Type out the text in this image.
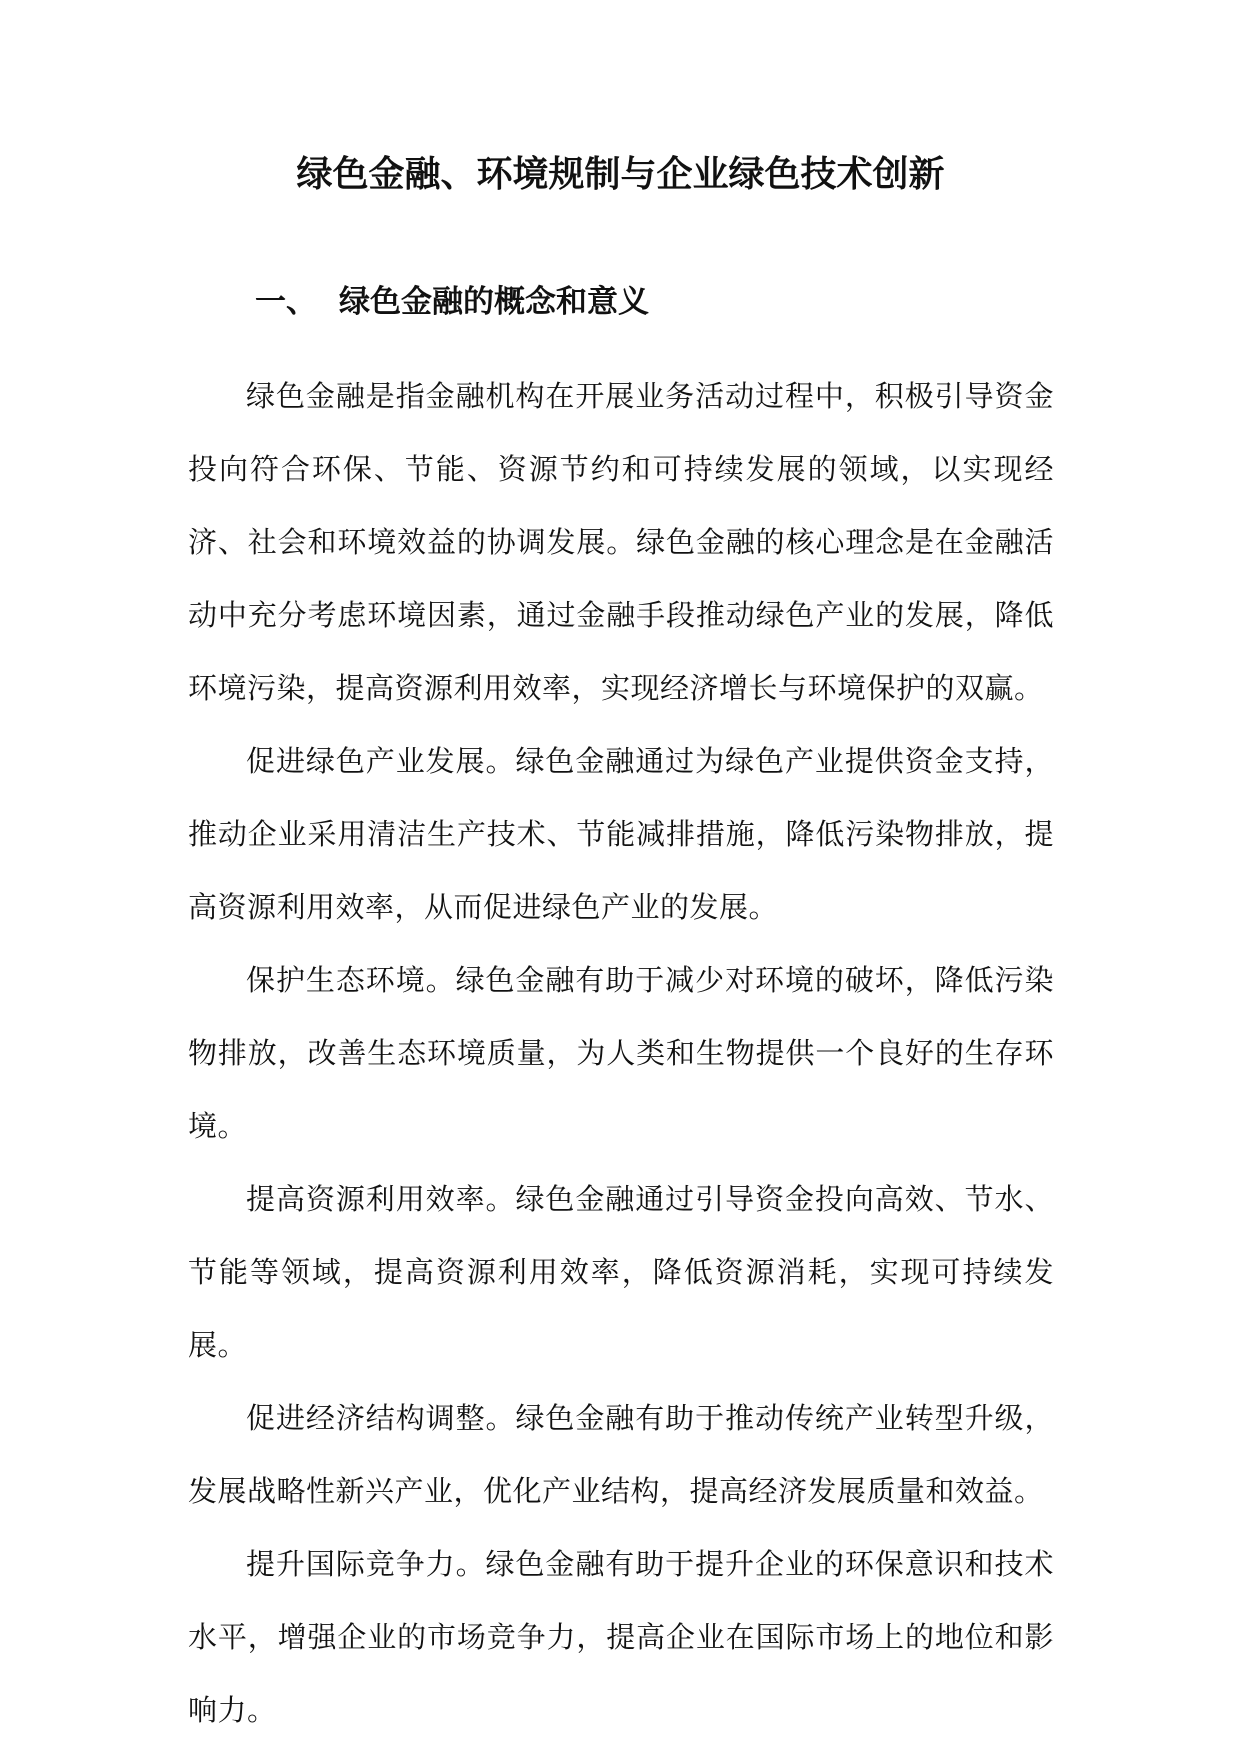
绿色金融、环境规制与企业绿色技术创新
一、 绿色金融的概念和意义

绿色金融是指金融机构在开展业务活动过程中，积极引导资金投向符合环保、节能、资源节约和可持续发展的领域，以实现经济、社会和环境效益的协调发展。绿色金融的核心理念是在金融活动中充分考虑环境因素，通过金融手段推动绿色产业的发展，降低环境污染，提高资源利用效率，实现经济增长与环境保护的双赢。

促进绿色产业发展。绿色金融通过为绿色产业提供资金支持，推动企业采用清洁生产技术、节能减排措施，降低污染物排放，提高资源利用效率，从而促进绿色产业的发展。

保护生态环境。绿色金融有助于减少对环境的破坏，降低污染物排放，改善生态环境质量，为人类和生物提供一个良好的生存环境。

提高资源利用效率。绿色金融通过引导资金投向高效、节水、节能等领域，提高资源利用效率，降低资源消耗，实现可持续发展。

促进经济结构调整。绿色金融有助于推动传统产业转型升级，发展战略性新兴产业，优化产业结构，提高经济发展质量和效益。

提升国际竞争力。绿色金融有助于提升企业的环保意识和技术水平，增强企业的市场竞争力，提高企业在国际市场上的地位和影响力。
